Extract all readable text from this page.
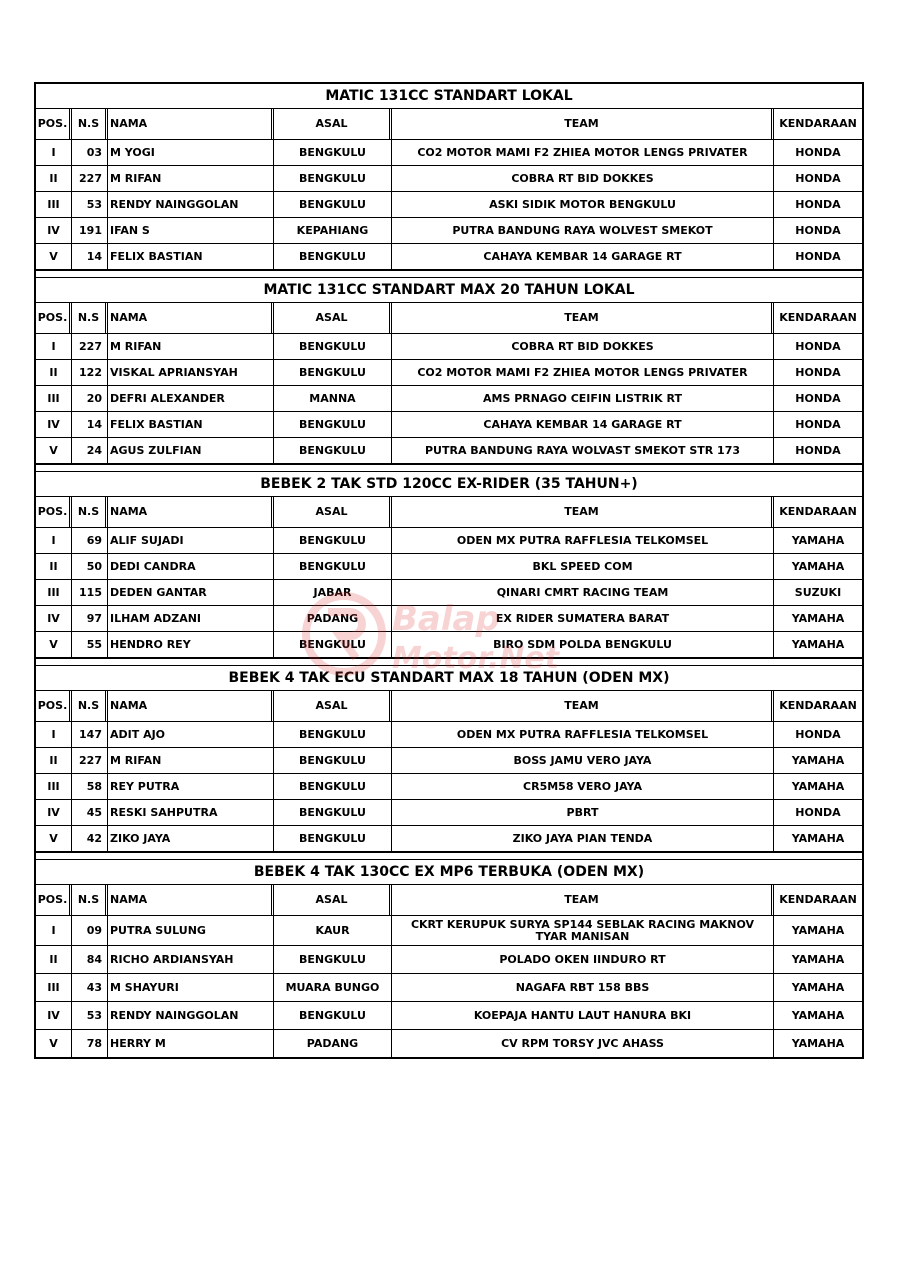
MATIC 131CC STANDART LOKAL
POS. N.S NAMA	ASAL	TEAM	KENDARAAN
I	03 M YOGI	BENGKULU	CO2 MOTOR MAMI F2 ZHIEA MOTOR LENGS PRIVATER	HONDA
II	227 M RIFAN	BENGKULU	COBRA RT BID DOKKES	HONDA
III	53 RENDY NAINGGOLAN	BENGKULU	ASKI SIDIK MOTOR BENGKULU	HONDA
IV	191 IFAN S	KEPAHIANG	PUTRA BANDUNG RAYA WOLVEST SMEKOT	HONDA
V	14 FELIX BASTIAN	BENGKULU	CAHAYA KEMBAR 14 GARAGE RT	HONDA
MATIC 131CC STANDART MAX 20 TAHUN LOKAL
POS. N.S NAMA	ASAL	TEAM	KENDARAAN
I	227 M RIFAN	BENGKULU	COBRA RT BID DOKKES	HONDA
II	122 VISKAL APRIANSYAH	BENGKULU	CO2 MOTOR MAMI F2 ZHIEA MOTOR LENGS PRIVATER	HONDA
III	20 DEFRI ALEXANDER	MANNA	AMS PRNAGO CEIFIN LISTRIK RT	HONDA
IV	14 FELIX BASTIAN	BENGKULU	CAHAYA KEMBAR 14 GARAGE RT	HONDA
V	24 AGUS ZULFIAN	BENGKULU	PUTRA BANDUNG RAYA WOLVAST SMEKOT STR 173	HONDA
BEBEK 2 TAK STD 120CC EX-RIDER (35 TAHUN+)
POS. N.S NAMA	ASAL	TEAM	KENDARAAN
I	69 ALIF SUJADI	BENGKULU	ODEN MX PUTRA RAFFLESIA TELKOMSEL	YAMAHA
II	50 DEDI CANDRA	BENGKULU	BKL SPEED COM	YAMAHA
III	115 DEDEN GANTAR	JABAR	QINARI CMRT RACING TEAM	SUZUKI
IV	97 ILHAM ADZANI	PADANG	EX RIDER SUMATERA BARAT	YAMAHA
V	55 HENDRO REY	BENGKULU	BIRO SDM POLDA BENGKULU	YAMAHA
BEBEK 4 TAK ECU STANDART MAX 18 TAHUN (ODEN MX)
POS. N.S NAMA	ASAL	TEAM	KENDARAAN
I	147 ADIT AJO	BENGKULU	ODEN MX PUTRA RAFFLESIA TELKOMSEL	HONDA
II	227 M RIFAN	BENGKULU	BOSS JAMU VERO JAYA	YAMAHA
III	58 REY PUTRA	BENGKULU	CR5M58 VERO JAYA	YAMAHA
IV	45 RESKI SAHPUTRA	BENGKULU	PBRT	HONDA
V	42 ZIKO JAYA	BENGKULU	ZIKO JAYA PIAN TENDA	YAMAHA
BEBEK 4 TAK 130CC EX MP6 TERBUKA (ODEN MX)
POS. N.S NAMA	ASAL	TEAM	KENDARAAN
I	09 PUTRA SULUNG	KAUR	CKRT KERUPUK SURYA SP144 SEBLAK RACING MAKNOV TYAR MANISAN	YAMAHA
II	84 RICHO ARDIANSYAH	BENGKULU	POLADO OKEN IINDURO RT	YAMAHA
III	43 M SHAYURI	MUARA BUNGO	NAGAFA RBT 158 BBS	YAMAHA
IV	53 RENDY NAINGGOLAN	BENGKULU	KOEPAJA HANTU LAUT HANURA BKI	YAMAHA
V	78 HERRY M	PADANG	CV RPM TORSY JVC AHASS	YAMAHA
Balap
Motor.Net
